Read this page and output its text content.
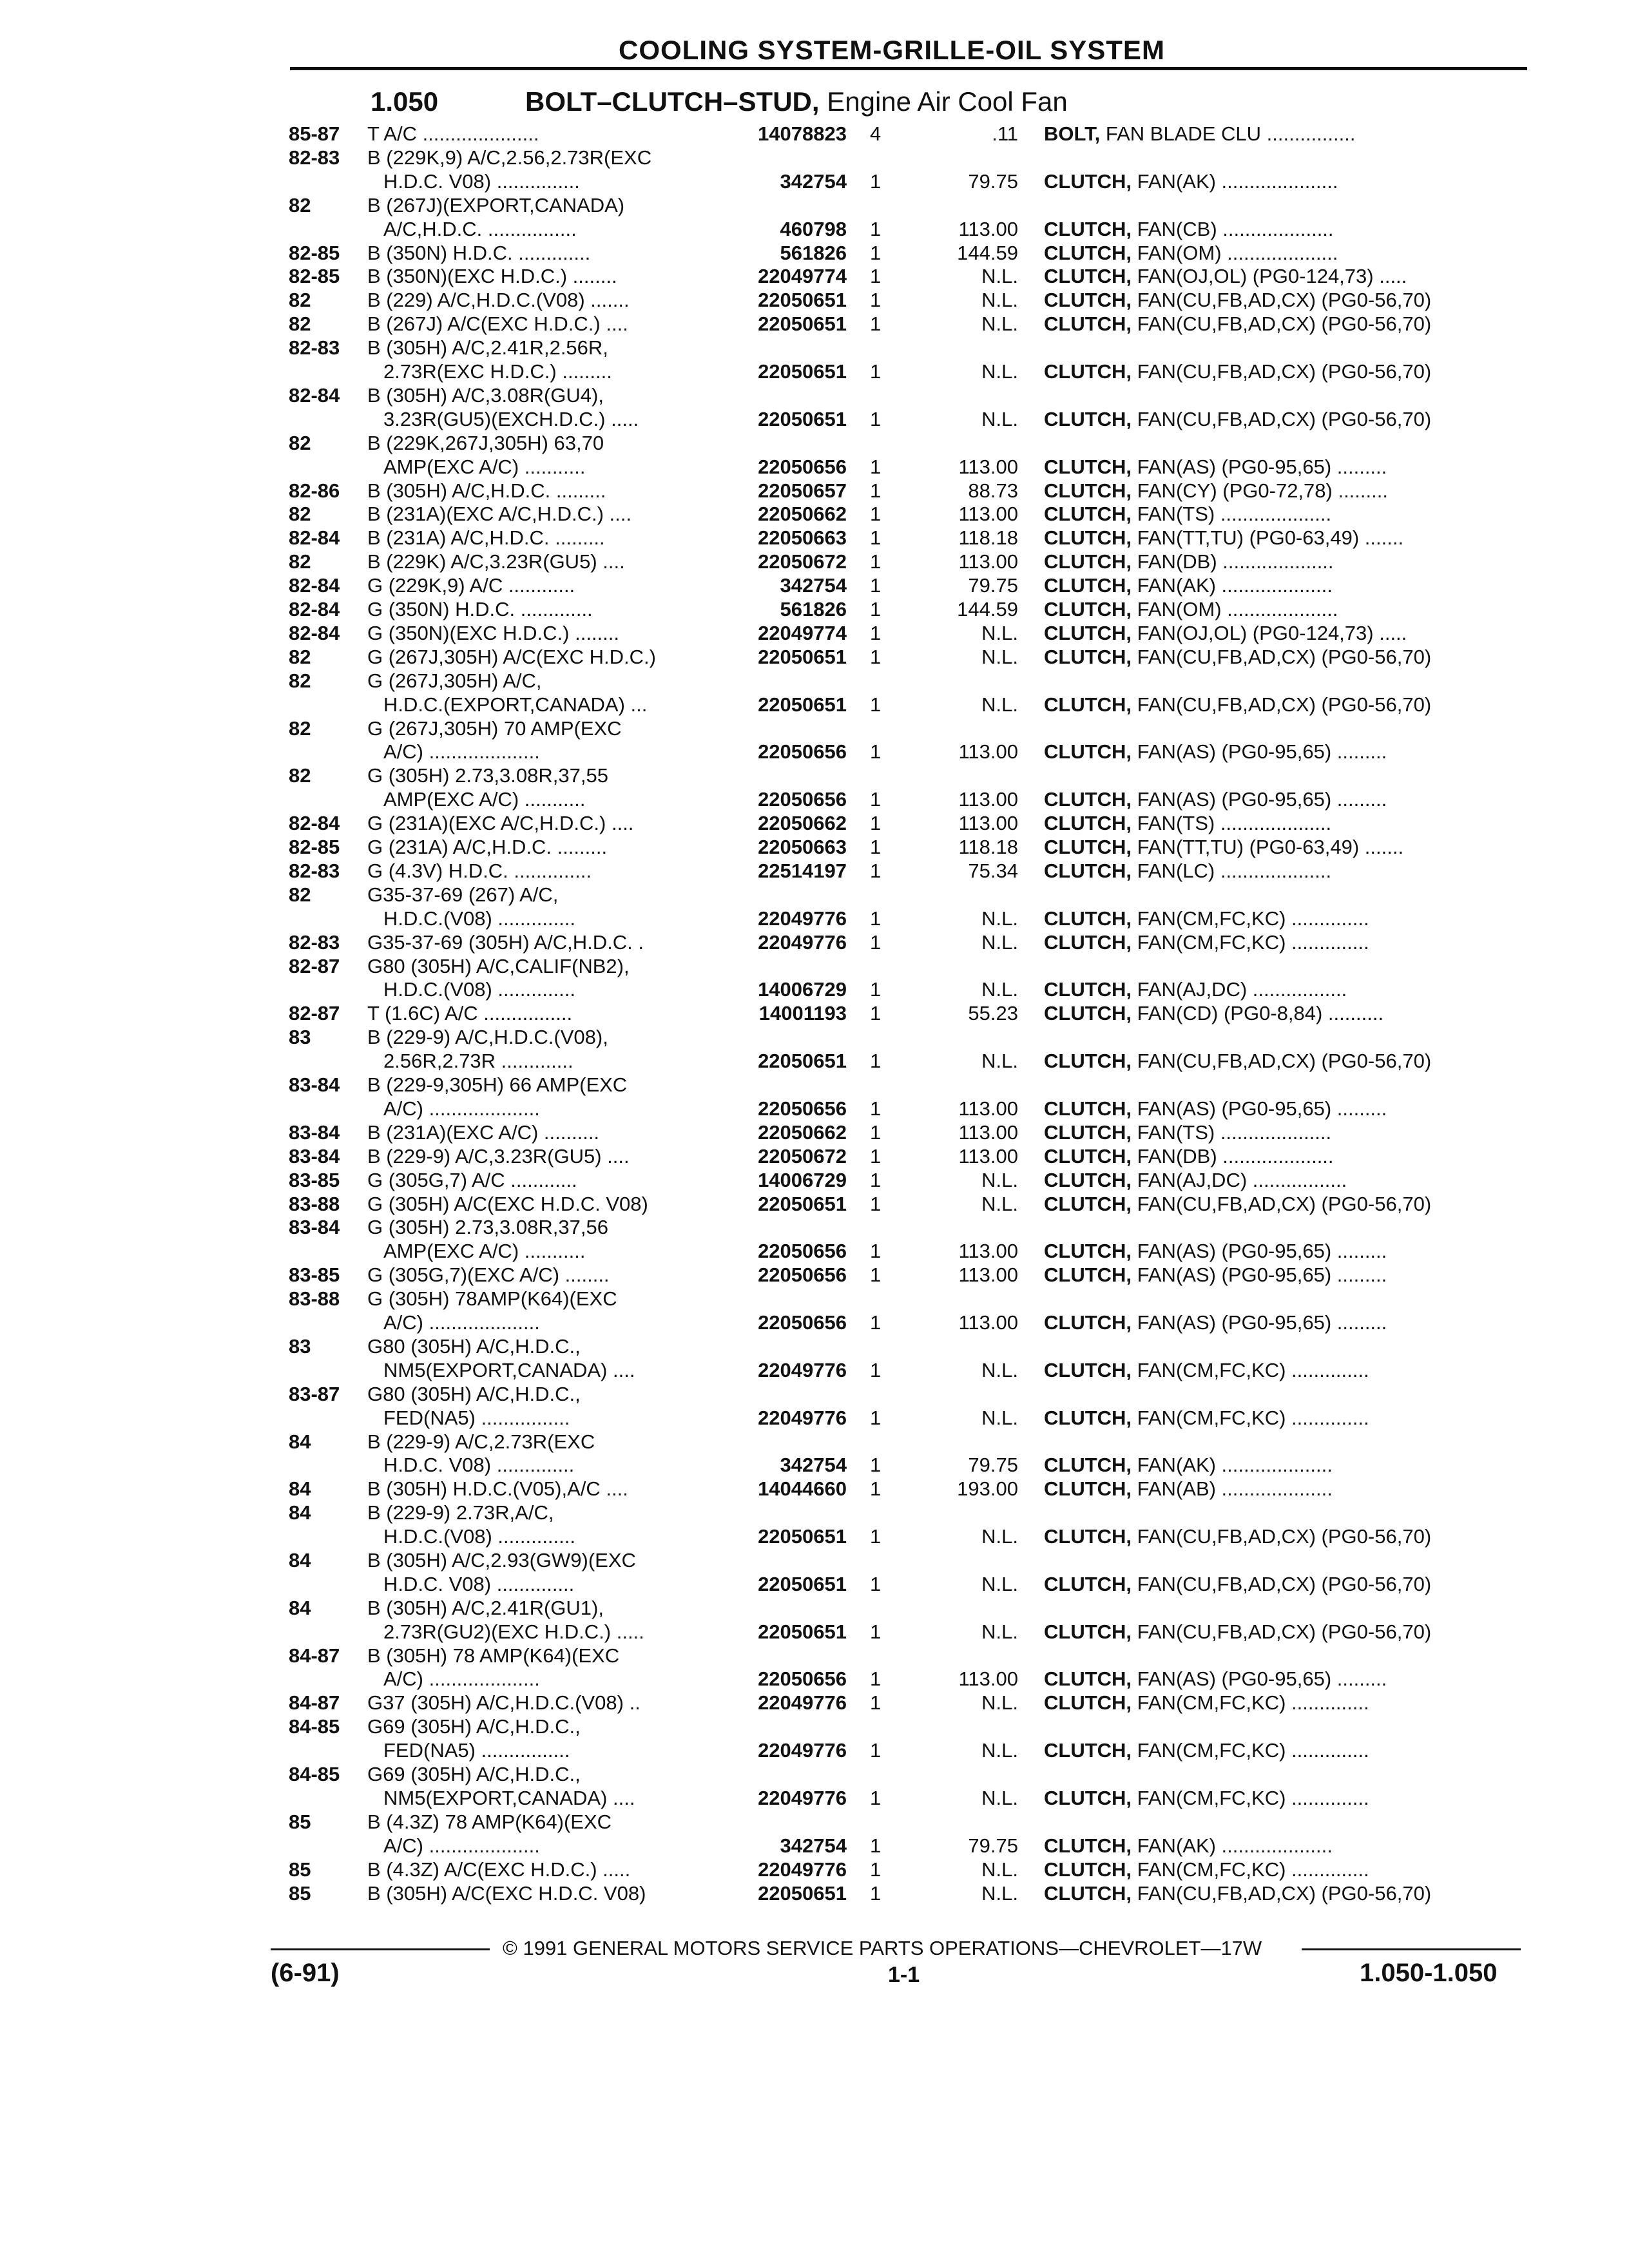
COOLING SYSTEM-GRILLE-OIL SYSTEM
1.050	BOLT–CLUTCH–STUD, Engine Air Cool Fan
85-87 T A/C .....................	14078823 4	.11 BOLT, FAN BLADE CLU ................
82-83 B (229K,9) A/C,2.56,2.73R(EXC
H.D.C. V08) ...............	342754 1	79.75 CLUTCH, FAN(AK) .....................
82	B (267J)(EXPORT,CANADA)
A/C,H.D.C. ................	460798 1	113.00 CLUTCH, FAN(CB) ....................
82-85 B (350N) H.D.C. .............	561826 1	144.59 CLUTCH, FAN(OM) ....................
82-85 B (350N)(EXC H.D.C.) ........	22049774 1	N.L. CLUTCH, FAN(OJ,OL) (PG0-124,73) .....
82	B (229) A/C,H.D.C.(V08) .......	22050651 1	N.L. CLUTCH, FAN(CU,FB,AD,CX) (PG0-56,70)
82	B (267J) A/C(EXC H.D.C.) ....	22050651 1	N.L. CLUTCH, FAN(CU,FB,AD,CX) (PG0-56,70)
82-83 B (305H) A/C,2.41R,2.56R,
2.73R(EXC H.D.C.) .........	22050651 1	N.L. CLUTCH, FAN(CU,FB,AD,CX) (PG0-56,70)
82-84 B (305H) A/C,3.08R(GU4),
3.23R(GU5)(EXCH.D.C.) .....	22050651 1	N.L. CLUTCH, FAN(CU,FB,AD,CX) (PG0-56,70)
82	B (229K,267J,305H) 63,70
AMP(EXC A/C) ...........	22050656 1	113.00 CLUTCH, FAN(AS) (PG0-95,65) .........
82-86 B (305H) A/C,H.D.C. .........	22050657 1	88.73 CLUTCH, FAN(CY) (PG0-72,78) .........
82	B (231A)(EXC A/C,H.D.C.) ....	22050662 1	113.00 CLUTCH, FAN(TS) ....................
82-84 B (231A) A/C,H.D.C. .........	22050663 1	118.18 CLUTCH, FAN(TT,TU) (PG0-63,49) .......
82	B (229K) A/C,3.23R(GU5) ....	22050672 1	113.00 CLUTCH, FAN(DB) ....................
82-84 G (229K,9) A/C ............	342754 1	79.75 CLUTCH, FAN(AK) ....................
82-84 G (350N) H.D.C. .............	561826 1	144.59 CLUTCH, FAN(OM) ....................
82-84 G (350N)(EXC H.D.C.) ........	22049774 1	N.L. CLUTCH, FAN(OJ,OL) (PG0-124,73) .....
82	G (267J,305H) A/C(EXC H.D.C.)	22050651 1	N.L. CLUTCH, FAN(CU,FB,AD,CX) (PG0-56,70)
82	G (267J,305H) A/C,
H.D.C.(EXPORT,CANADA) ...	22050651 1	N.L. CLUTCH, FAN(CU,FB,AD,CX) (PG0-56,70)
82	G (267J,305H) 70 AMP(EXC
A/C) ....................	22050656 1	113.00 CLUTCH, FAN(AS) (PG0-95,65) .........
82	G (305H) 2.73,3.08R,37,55
AMP(EXC A/C) ...........	22050656 1	113.00 CLUTCH, FAN(AS) (PG0-95,65) .........
82-84 G (231A)(EXC A/C,H.D.C.) ....	22050662 1	113.00 CLUTCH, FAN(TS) ....................
82-85 G (231A) A/C,H.D.C. .........	22050663 1	118.18 CLUTCH, FAN(TT,TU) (PG0-63,49) .......
82-83 G (4.3V) H.D.C. ..............	22514197 1	75.34 CLUTCH, FAN(LC) ....................
82	G35-37-69 (267) A/C,
H.D.C.(V08) ..............	22049776 1	N.L. CLUTCH, FAN(CM,FC,KC) ..............
82-83 G35-37-69 (305H) A/C,H.D.C. .	22049776 1	N.L. CLUTCH, FAN(CM,FC,KC) ..............
82-87 G80 (305H) A/C,CALIF(NB2),
H.D.C.(V08) ..............	14006729 1	N.L. CLUTCH, FAN(AJ,DC) .................
82-87 T (1.6C) A/C ................	14001193 1	55.23 CLUTCH, FAN(CD) (PG0-8,84) ..........
83	B (229-9) A/C,H.D.C.(V08),
2.56R,2.73R .............	22050651 1	N.L. CLUTCH, FAN(CU,FB,AD,CX) (PG0-56,70)
83-84 B (229-9,305H) 66 AMP(EXC
A/C) ....................	22050656 1	113.00 CLUTCH, FAN(AS) (PG0-95,65) .........
83-84 B (231A)(EXC A/C) ..........	22050662 1	113.00 CLUTCH, FAN(TS) ....................
83-84 B (229-9) A/C,3.23R(GU5) ....	22050672 1	113.00 CLUTCH, FAN(DB) ....................
83-85 G (305G,7) A/C ............	14006729 1	N.L. CLUTCH, FAN(AJ,DC) .................
83-88 G (305H) A/C(EXC H.D.C. V08)	22050651 1	N.L. CLUTCH, FAN(CU,FB,AD,CX) (PG0-56,70)
83-84 G (305H) 2.73,3.08R,37,56
AMP(EXC A/C) ...........	22050656 1	113.00 CLUTCH, FAN(AS) (PG0-95,65) .........
83-85 G (305G,7)(EXC A/C) ........	22050656 1	113.00 CLUTCH, FAN(AS) (PG0-95,65) .........
83-88 G (305H) 78AMP(K64)(EXC
A/C) ....................	22050656 1	113.00 CLUTCH, FAN(AS) (PG0-95,65) .........
83	G80 (305H) A/C,H.D.C.,
NM5(EXPORT,CANADA) ....	22049776 1	N.L. CLUTCH, FAN(CM,FC,KC) ..............
83-87 G80 (305H) A/C,H.D.C.,
FED(NA5) ................	22049776 1	N.L. CLUTCH, FAN(CM,FC,KC) ..............
84	B (229-9) A/C,2.73R(EXC
H.D.C. V08) ..............	342754 1	79.75 CLUTCH, FAN(AK) ....................
84	B (305H) H.D.C.(V05),A/C ....	14044660 1	193.00 CLUTCH, FAN(AB) ....................
84	B (229-9) 2.73R,A/C,
H.D.C.(V08) ..............	22050651 1	N.L. CLUTCH, FAN(CU,FB,AD,CX) (PG0-56,70)
84	B (305H) A/C,2.93(GW9)(EXC
H.D.C. V08) ..............	22050651 1	N.L. CLUTCH, FAN(CU,FB,AD,CX) (PG0-56,70)
84	B (305H) A/C,2.41R(GU1),
2.73R(GU2)(EXC H.D.C.) .....	22050651 1	N.L. CLUTCH, FAN(CU,FB,AD,CX) (PG0-56,70)
84-87 B (305H) 78 AMP(K64)(EXC
A/C) ....................	22050656 1	113.00 CLUTCH, FAN(AS) (PG0-95,65) .........
84-87 G37 (305H) A/C,H.D.C.(V08) ..	22049776 1	N.L. CLUTCH, FAN(CM,FC,KC) ..............
84-85 G69 (305H) A/C,H.D.C.,
FED(NA5) ................	22049776 1	N.L. CLUTCH, FAN(CM,FC,KC) ..............
84-85 G69 (305H) A/C,H.D.C.,
NM5(EXPORT,CANADA) ....	22049776 1	N.L. CLUTCH, FAN(CM,FC,KC) ..............
85	B (4.3Z) 78 AMP(K64)(EXC
A/C) ....................	342754 1	79.75 CLUTCH, FAN(AK) ....................
85	B (4.3Z) A/C(EXC H.D.C.) .....	22049776 1	N.L. CLUTCH, FAN(CM,FC,KC) ..............
85	B (305H) A/C(EXC H.D.C. V08)	22050651 1	N.L. CLUTCH, FAN(CU,FB,AD,CX) (PG0-56,70)
© 1991 GENERAL MOTORS SERVICE PARTS OPERATIONS—CHEVROLET—17W
(6-91)	1-1	1.050-1.050
